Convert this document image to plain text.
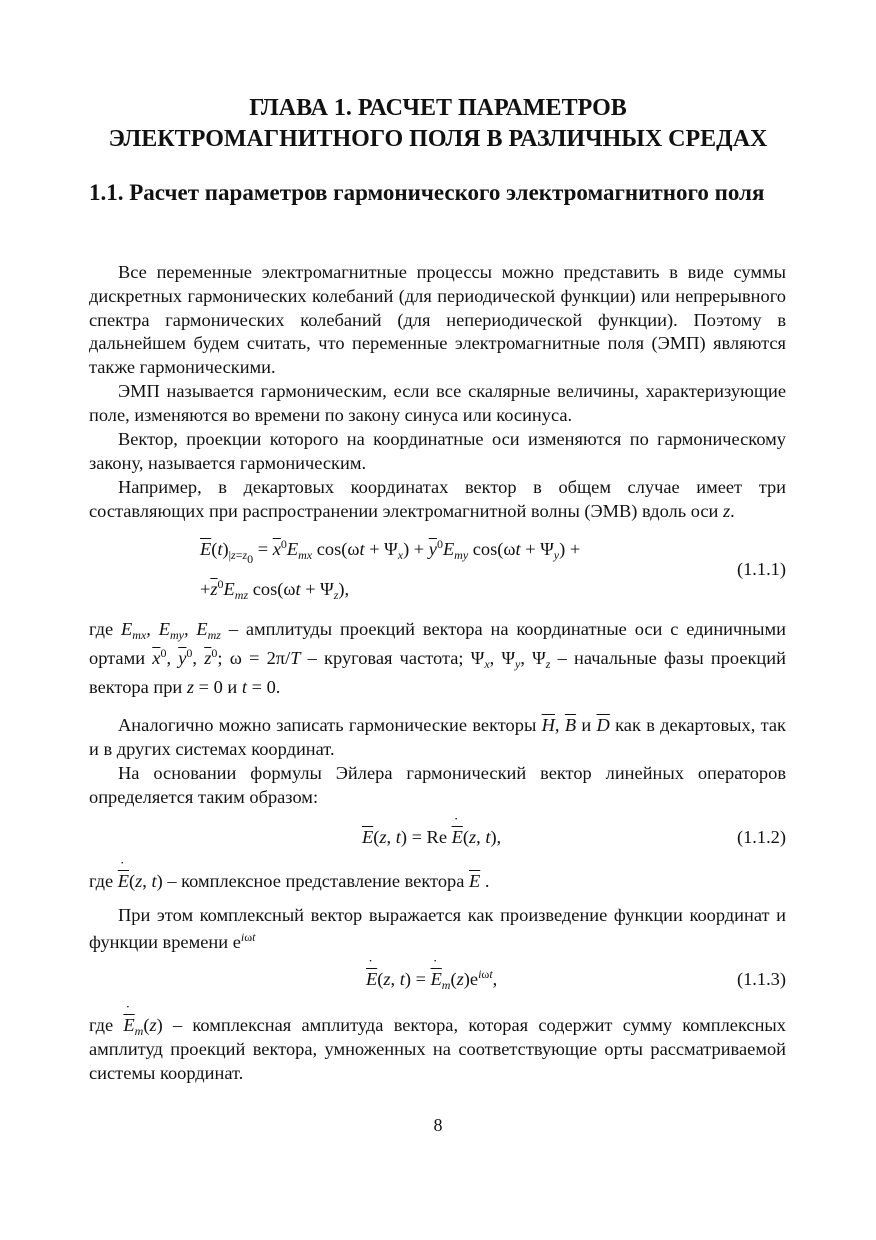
ГЛАВА 1. РАСЧЕТ ПАРАМЕТРОВ
ЭЛЕКТРОМАГНИТНОГО ПОЛЯ В РАЗЛИЧНЫХ СРЕДАХ
1.1. Расчет параметров гармонического электромагнитного поля
Все переменные электромагнитные процессы можно представить в виде суммы дискретных гармонических колебаний (для периодической функции) или непрерывного спектра гармонических колебаний (для непериодической функции). Поэтому в дальнейшем будем считать, что переменные электромагнитные поля (ЭМП) являются также гармоническими.
ЭМП называется гармоническим, если все скалярные величины, характеризующие поле, изменяются во времени по закону синуса или косинуса.
Вектор, проекции которого на координатные оси изменяются по гармоническому закону, называется гармоническим.
Например, в декартовых координатах вектор в общем случае имеет три составляющих при распространении электромагнитной волны (ЭМВ) вдоль оси z.
$\overline{E}(t)_{|z=z_0} = \overline{x}^0E_{mx}$ $\cos(\omega t + \Psi_x) + \overline{y}^0E_{my}$ $\cos(\omega t + \Psi_y)$ +
$+\overline{z}^0E_{mz}$ $\cos(\omega t + \Psi_z)$,
(1.1.1)
где $E_{mx}$, $E_{my}$, $E_{mz}$ – амплитуды проекций вектора на координатные оси с единичными ортами $\overline{x}^0$, $\overline{y}^0$, $\overline{z}^0$; ω = 2π/T – круговая частота; $\Psi_x$, $\Psi_y$, $\Psi_z$ – начальные фазы проекций вектора при z = 0 и t = 0.
Аналогично можно записать гармонические векторы $\overline{H}$, $\overline{B}$ и $\overline{D}$ как в декартовых, так и в других системах координат.
На основании формулы Эйлера гармонический вектор линейных операторов определяется таким образом:
$\overline{E}(z$, t) = Re ˙ $\overline{E}(z$, t),	(1.1.2)
где ˙ $\overline{E}(z$, t) – комплексное представление вектора $\overline{E}$ .
При этом комплексный вектор выражается как произведение функции координат и функции времени $e^{i\omega t}$
˙ $\overline{E}(z$, t) = ˙ $\overline{E}_m(z)e^{i\omega t}$,	(1.1.3)
где ˙ $\overline{E}_m(z)$ – комплексная амплитуда вектора, которая содержит сумму комплексных амплитуд проекций вектора, умноженных на соответствующие орты рассматриваемой системы координат.
8
